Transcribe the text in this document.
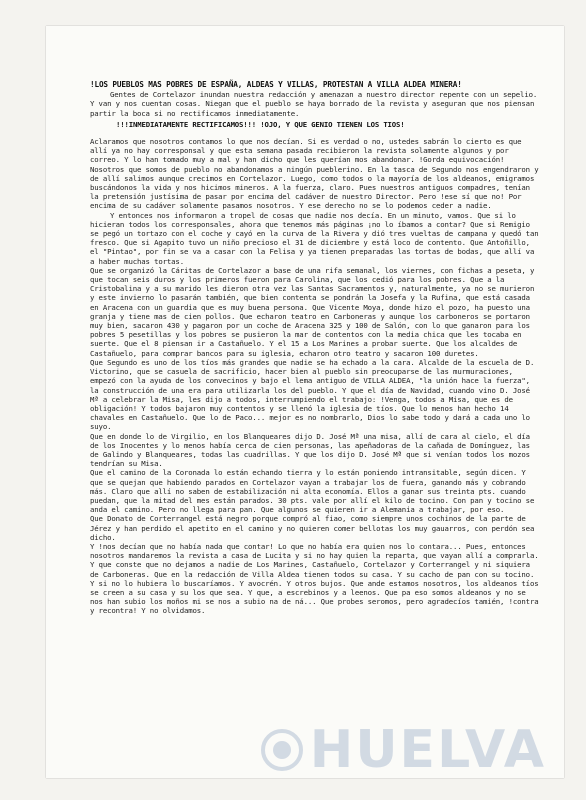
!LOS PUEBLOS MAS POBRES DE ESPAÑA, ALDEAS Y VILLAS, PROTESTAN A VILLA ALDEA MINERA!

Gentes de Cortelazor inundan nuestra redacción y amenazan a nuestro director repente con un sepelio. Y van y nos cuentan cosas. Niegan que el pueblo se haya borrado de la revista y aseguran que nos piensan partir la boca si no rectificamos inmediatamente.

!!!INMEDIATAMENTE RECTIFICAMOS!!! !OJO, Y QUE GENIO TIENEN LOS TIOS!

Aclaramos que nosotros contamos lo que nos decían. Si es verdad o no, ustedes sabrán lo cierto es que allí ya no hay corresponsal y que esta semana pasada recibieron la revista solamente algunos y por correo. Y lo han tomado muy a mal y han dicho que les querían mos abandonar. !Gorda equivocación! Nosotros que somos de pueblo no abandonamos a ningún pueblerino. En la tasca de Segundo nos engendraron y de allí salimos aunque crecimos en Cortelazor. Luego, como todos o la mayoría de los aldeanos, emigramos buscándonos la vida y nos hicimos mineros. A la fuerza, claro. Pues nuestros antiguos compadres, tenían la pretensión justísima de pasar por encima del cadáver de nuestro Director. Pero !ese sí que no! Por encima de su cadáver solamente pasamos nosotros. Y ese derecho no se lo podemos ceder a nadie.

Y entonces nos informaron a tropel de cosas que nadie nos decía. En un minuto, vamos. Que si lo hicieran todos los corresponsales, ahora que tenemos más páginas ¡no lo íbamos a contar? Que si Remigio se pegó un tortazo con el coche y cayó en la curva de la Rivera y dió tres vueltas de campana y quedó tan fresco. Que si Agapito tuvo un niño precioso el 31 de diciembre y está loco de contento. Que Antoñillo, el "Pintao", por fin se va a casar con la Felisa y ya tienen preparadas las tortas de bodas, que allí va a haber muchas tortas.

Que se organizó la Cáritas de Cortelazor a base de una rifa semanal, los viernes, con fichas a peseta, y que tocan seis duros y los primeros fueron para Carolina, que los cedió para los pobres. Que a la Cristobalina y a su marido les dieron otra vez las Santas Sacramentos y, naturalmente, ya no se murieron y este invierno lo pasarán también, que bien contenta se pondrán la Josefa y la Rufina, que está casada en Aracena con un guardia que es muy buena persona. Que Vicente Moya, donde hizo el pozo, ha puesto una granja y tiene mas de cien pollos. Que echaron teatro en Carboneras y aunque los carboneros se portaron muy bien, sacaron 430 y pagaron por un coche de Aracena 325 y 100 de Salón, con lo que ganaron para los pobres 5 pesetillas y los pobres se pusieron la mar de contentos con la media chica que les tocaba en suerte. Que el 8 piensan ir a Castañuelo. Y el 15 a Los Marines a probar suerte. Que los alcaldes de Castañuelo, para comprar bancos para su iglesia, echaron otro teatro y sacaron 100 duretes.

Que Segundo es uno de los tíos más grandes que nadie se ha echado a la cara. Alcalde de la escuela de D. Victorino, que se casuela de sacrificio, hacer bien al pueblo sin preocuparse de las murmuraciones, empezó con la ayuda de los convecinos y bajo el lema antiguo de VILLA ALDEA, "la unión hace la fuerza", la construcción de una era para utilizarla los del pueblo. Y que el día de Navidad, cuando vino D. José Mª a celebrar la Misa, les dijo a todos, interrumpiendo el trabajo: !Venga, todos a Misa, que es de obligación! Y todos bajaron muy contentos y se llenó la iglesia de tíos. Que lo menos han hecho 14 chavales en Castañuelo. Que lo de Paco... mejor es no nombrarlo, Dios lo sabe todo y dará a cada uno lo suyo.

Que en donde lo de Virgilio, en los Blanqueares dijo D. José Mª una misa, allí de cara al cielo, el día de los Inocentes y lo menos había cerca de cien personas, las apeñadoras de la cañada de Domínguez, las de Galindo y Blanqueares, todas las cuadrillas. Y que los dijo D. José Mª que si venían todos los mozos tendrían su Misa.

Que el camino de la Coronada lo están echando tierra y lo están poniendo intransitable, según dicen. Y que se quejan que habiendo parados en Cortelazor vayan a trabajar los de fuera, ganando más y cobrando más. Claro que allí no saben de estabilización ni alta economía. Ellos a ganar sus treinta pts. cuando puedan, que la mitad del mes están parados. 30 pts. vale por allí el kilo de tocino. Con pan y tocino se anda el camino. Pero no llega para pan. Que algunos se quieren ir a Alemania a trabajar, por eso.

Que Donato de Corterrangel está negro porque compró al fiao, como siempre unos cochinos de la parte de Jérez y han perdido el apetito en el camino y no quieren comer bellotas los muy gauarros, con perdón sea dicho.

Y !nos decían que no había nada que contar! Lo que no había era quien nos lo contara... Pues, entonces nosotros mandaremos la revista a casa de Lucita y si no hay quien la reparta, que vayan allí a comprarla. Y que conste que no dejamos a nadie de Los Marines, Castañuelo, Cortelazor y Corterrangel y ni siquiera de Carboneras. Que en la redacción de Villa Aldea tienen todos su casa. Y su cacho de pan con su tocino. Y si no lo hubiera lo buscaríamos. Y avocrén. Y otros bujos. Que ande estamos nosotros, los aldeanos tíos se creen a su casa y su los que sea. Y que, a escrebinos y a leenos. Que pa eso somos aldeanos y no se nos han subio los moños mi se nos a subio na de ná... Que probes seromos, pero agradecíos tamién, !contra y recontra! Y no olvidamos.

HUELVA
